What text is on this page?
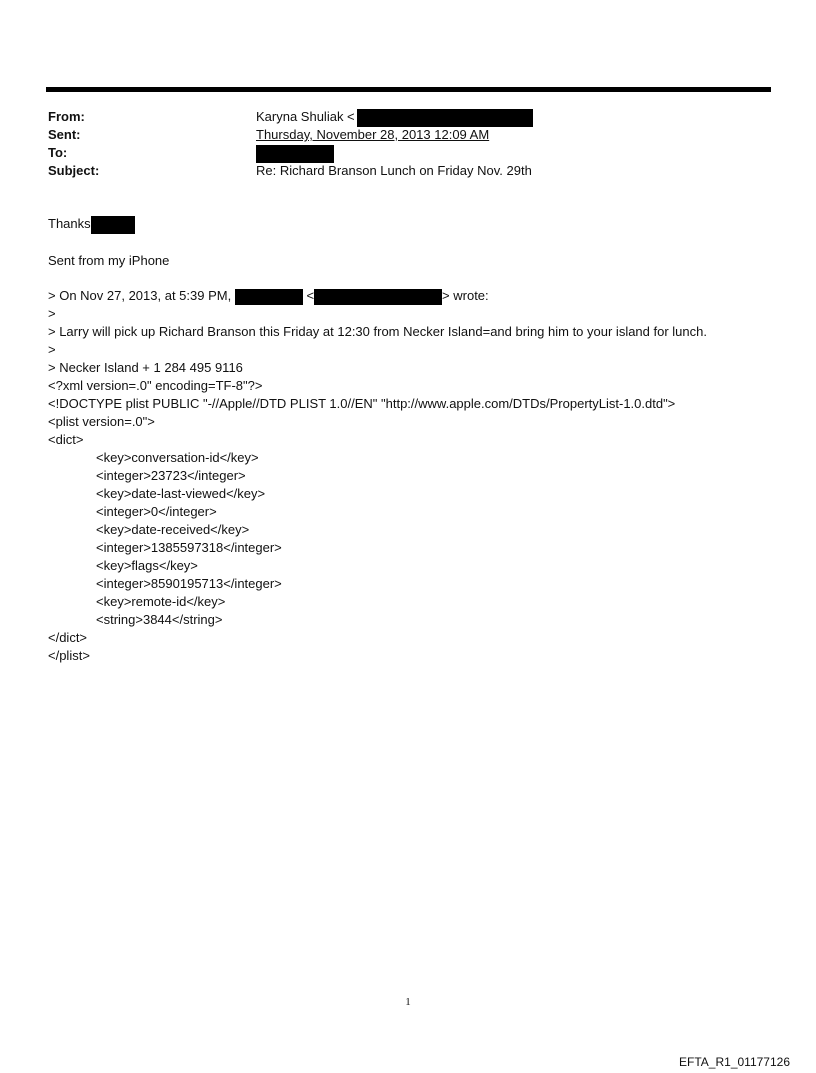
From:	Karyna Shuliak <
Sent:	Thursday, November 28, 2013 12:09 AM
To:
Subject:	Re: Richard Branson Lunch on Friday Nov. 29th
Thanks
Sent from my iPhone
> On Nov 27, 2013, at 5:39 PM,	<	> wrote:
>
> Larry will pick up Richard Branson this Friday at 12:30 from Necker Island=and bring him to your island for lunch.
>
> Necker Island + 1 284 495 9116
<?xml version=.0" encoding=TF-8"?>
<!DOCTYPE plist PUBLIC "-//Apple//DTD PLIST 1.0//EN" "http://www.apple.com/DTDs/PropertyList-1.0.dtd">
<plist version=.0">
<dict>
<key>conversation-id</key>
<integer>23723</integer>
<key>date-last-viewed</key>
<integer>0</integer>
<key>date-received</key>
<integer>1385597318</integer>
<key>flags</key>
<integer>8590195713</integer>
<key>remote-id</key>
<string>3844</string>
</dict>
</plist>
1
EFTA_R1_01177126
